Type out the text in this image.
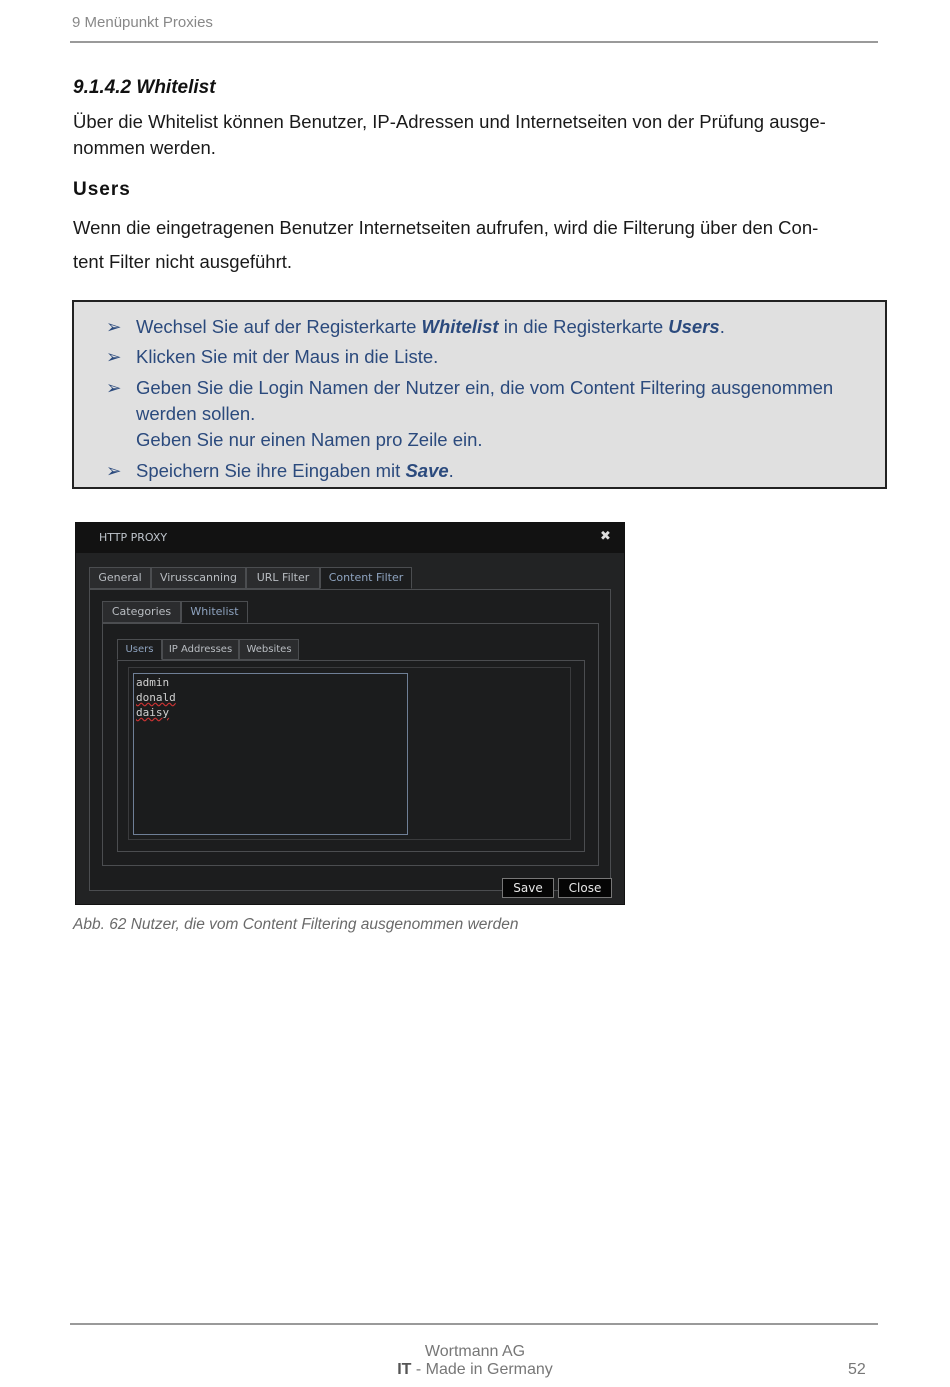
9 Menüpunkt Proxies
9.1.4.2 Whitelist
Über die Whitelist können Benutzer, IP-Adressen und Internetseiten von der Prüfung ausge-
nommen werden.
Users
Wenn die eingetragenen Benutzer Internetseiten aufrufen, wird die Filterung über den Con-
tent Filter nicht ausgeführt.
➢ Wechsel Sie auf der Registerkarte Whitelist in die Registerkarte Users.
➢ Klicken Sie mit der Maus in die Liste.
➢ Geben Sie die Login Namen der Nutzer ein, die vom Content Filtering ausgenommen
werden sollen.
Geben Sie nur einen Namen pro Zeile ein.
➢ Speichern Sie ihre Eingaben mit Save.
HTTP PROXY	✖
General	Virusscanning	URL Filter	Content Filter
Categories	Whitelist
Users	IP Addresses	Websites
admin
donald
daisy
Save	Close
Abb. 62 Nutzer, die vom Content Filtering ausgenommen werden
Wortmann AG
IT - Made in Germany	52
